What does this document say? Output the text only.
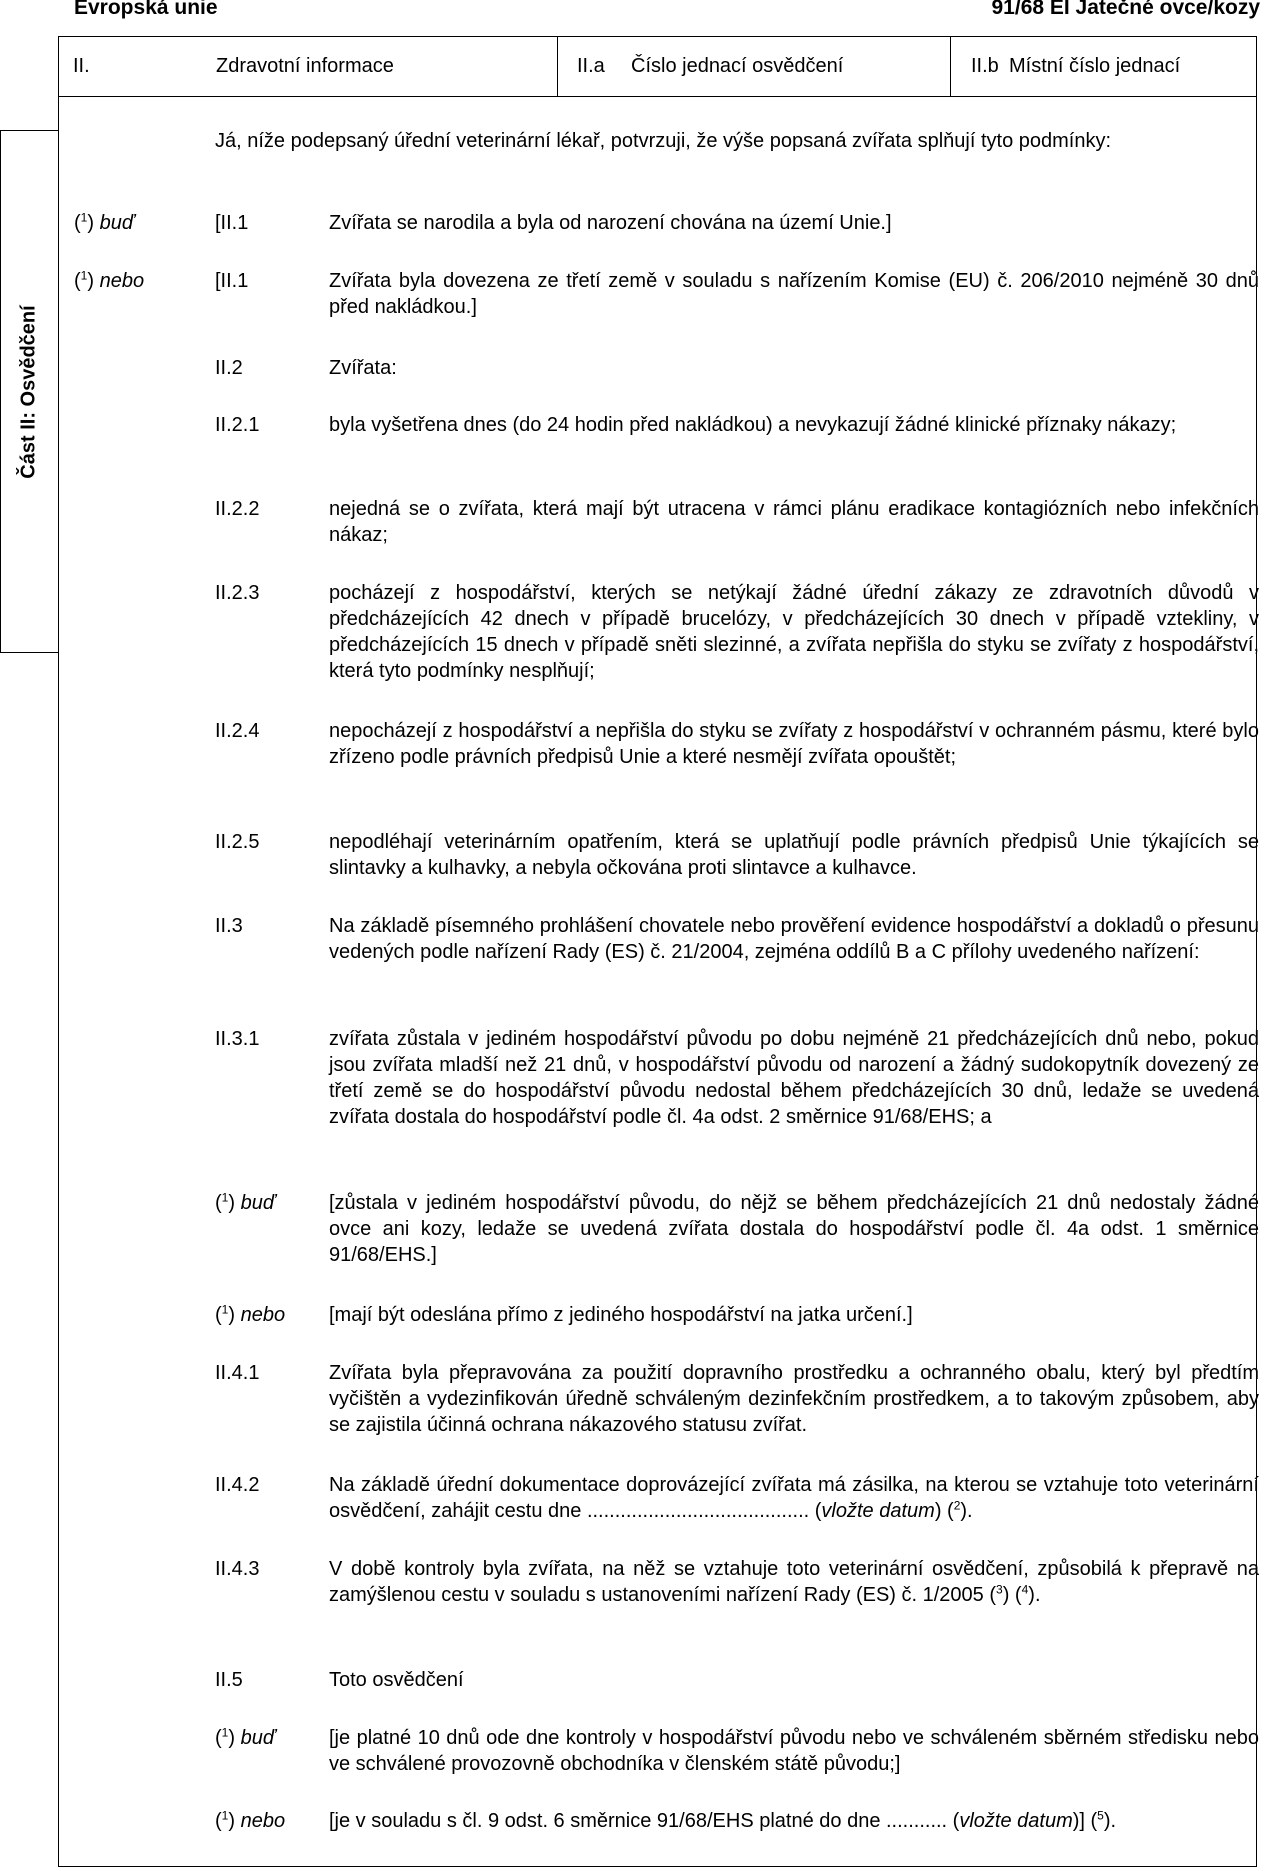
Evropská unie	91/68 EI Jatečné ovce/kozy
II.	Zdravotní informace	II.a Číslo jednací osvědčení	II.b Místní číslo jednací
Část II: Osvědčení
Já, níže podepsaný úřední veterinární lékař, potvrzuji, že výše popsaná zvířata splňují tyto podmínky:
($^1$) buď	[II.1	Zvířata se narodila a byla od narození chována na území Unie.]
($^1$) nebo	[II.1	Zvířata byla dovezena ze třetí země v souladu s nařízením Komise (EU) č. 206/2010 nejméně 30 dnů před nakládkou.]
II.2	Zvířata:
II.2.1	byla vyšetřena dnes (do 24 hodin před nakládkou) a nevykazují žádné klinické příznaky nákazy;
II.2.2	nejedná se o zvířata, která mají být utracena v rámci plánu eradikace kontagiózních nebo infekčních nákaz;
II.2.3	pocházejí z hospodářství, kterých se netýkají žádné úřední zákazy ze zdravotních důvodů v předcházejících 42 dnech v případě brucelózy, v předcházejících 30 dnech v případě vztekliny, v předcházejících 15 dnech v případě sněti slezinné, a zvířata nepřišla do styku se zvířaty z hospodářství, která tyto podmínky nesplňují;
II.2.4	nepocházejí z hospodářství a nepřišla do styku se zvířaty z hospodářství v ochranném pásmu, které bylo zřízeno podle právních předpisů Unie a které nesmějí zvířata opouštět;
II.2.5	nepodléhají veterinárním opatřením, která se uplatňují podle právních předpisů Unie týkajících se slintavky a kulhavky, a nebyla očkována proti slintavce a kulhavce.
II.3	Na základě písemného prohlášení chovatele nebo prověření evidence hospodářství a dokladů o přesunu vedených podle nařízení Rady (ES) č. 21/2004, zejména oddílů B a C přílohy uvedeného nařízení:
II.3.1	zvířata zůstala v jediném hospodářství původu po dobu nejméně 21 předcházejících dnů nebo, pokud jsou zvířata mladší než 21 dnů, v hospodářství původu od narození a žádný sudokopytník dovezený ze třetí země se do hospodářství původu nedostal během předcházejících 30 dnů, ledaže se uvedená zvířata dostala do hospodářství podle čl. 4a odst. 2 směrnice 91/68/EHS; a
($^1$) buď	[zůstala v jediném hospodářství původu, do nějž se během předcházejících 21 dnů nedostaly žádné ovce ani kozy, ledaže se uvedená zvířata dostala do hospodářství podle čl. 4a odst. 1 směrnice 91/68/EHS.]
($^1$) nebo [mají být odeslána přímo z jediného hospodářství na jatka určení.]
II.4.1	Zvířata byla přepravována za použití dopravního prostředku a ochranného obalu, který byl předtím vyčištěn a vydezinfikován úředně schváleným dezinfekčním prostředkem, a to takovým způsobem, aby se zajistila účinná ochrana nákazového statusu zvířat.
II.4.2	Na základě úřední dokumentace doprovázející zvířata má zásilka, na kterou se vztahuje toto veterinární osvědčení, zahájit cestu dne ........................................ (vložte datum) ($^2$).
II.4.3	V době kontroly byla zvířata, na něž se vztahuje toto veterinární osvědčení, způsobilá k přepravě na zamýšlenou cestu v souladu s ustanoveními nařízení Rady (ES) č. 1/2005 ($^3$) ($^4$).
II.5	Toto osvědčení
($^1$) buď	[je platné 10 dnů ode dne kontroly v hospodářství původu nebo ve schváleném sběrném středisku nebo ve schválené provozovně obchodníka v členském státě původu;]
($^1$) nebo [je v souladu s čl. 9 odst. 6 směrnice 91/68/EHS platné do dne ........... (vložte datum)] ($^5$).
